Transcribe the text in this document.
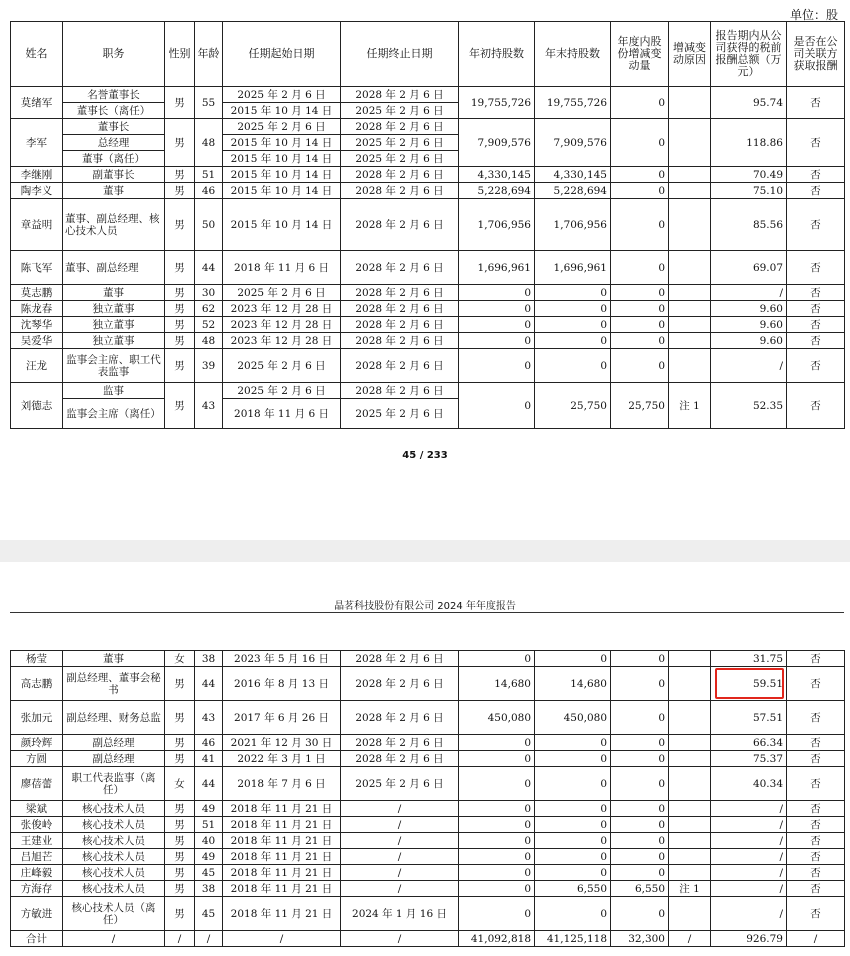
单位：股
姓名	职务	性别	年龄	任期起始日期	任期终止日期	年初持股数	年末持股数	年度内股份增减变动量	增减变动原因	报告期内从公司获得的税前报酬总额（万元）	是否在公司关联方获取报酬
莫绪军	名誉董事长	男	55	2025 年 2 月 6 日	2028 年 2 月 6 日	19,755,726	19,755,726	0		95.74	否
	董事长（离任）			2015 年 10 月 14 日	2025 年 2 月 6 日						
李军	董事长	男	48	2025 年 2 月 6 日	2028 年 2 月 6 日	7,909,576	7,909,576	0		118.86	否
	总经理			2015 年 10 月 14 日	2025 年 2 月 6 日						
	董事（离任）			2015 年 10 月 14 日	2025 年 2 月 6 日						
李继刚	副董事长	男	51	2015 年 10 月 14 日	2028 年 2 月 6 日	4,330,145	4,330,145	0		70.49	否
陶李义	董事	男	46	2015 年 10 月 14 日	2028 年 2 月 6 日	5,228,694	5,228,694	0		75.10	否
章益明	董事、副总经理、核心技术人员	男	50	2015 年 10 月 14 日	2028 年 2 月 6 日	1,706,956	1,706,956	0		85.56	否
陈飞军	董事、副总经理	男	44	2018 年 11 月 6 日	2028 年 2 月 6 日	1,696,961	1,696,961	0		69.07	否
莫志鹏	董事	男	30	2025 年 2 月 6 日	2028 年 2 月 6 日	0	0	0		/	否
陈龙春	独立董事	男	62	2023 年 12 月 28 日	2028 年 2 月 6 日	0	0	0		9.60	否
沈琴华	独立董事	男	52	2023 年 12 月 28 日	2028 年 2 月 6 日	0	0	0		9.60	否
吴爱华	独立董事	男	48	2023 年 12 月 28 日	2028 年 2 月 6 日	0	0	0		9.60	否
汪龙	监事会主席、职工代表监事	男	39	2025 年 2 月 6 日	2028 年 2 月 6 日	0	0	0		/	否
刘德志	监事	男	43	2025 年 2 月 6 日	2028 年 2 月 6 日	0	25,750	25,750	注 1	52.35	否
	监事会主席（离任）			2018 年 11 月 6 日	2025 年 2 月 6 日						
45 / 233
晶茗科技股份有限公司 2024 年年度报告
杨莹	董事	女	38	2023 年 5 月 16 日	2028 年 2 月 6 日	0	0	0		31.75	否
高志鹏	副总经理、董事会秘书	男	44	2016 年 8 月 13 日	2028 年 2 月 6 日	14,680	14,680	0		59.51	否
张加元	副总经理、财务总监	男	43	2017 年 6 月 26 日	2028 年 2 月 6 日	450,080	450,080	0		57.51	否
颜玲辉	副总经理	男	46	2021 年 12 月 30 日	2028 年 2 月 6 日	0	0	0		66.34	否
方圆	副总经理	男	41	2022 年 3 月 1 日	2028 年 2 月 6 日	0	0	0		75.37	否
廖蓓蕾	职工代表监事（离任）	女	44	2018 年 7 月 6 日	2025 年 2 月 6 日	0	0	0		40.34	否
梁斌	核心技术人员	男	49	2018 年 11 月 21 日	/	0	0	0		/	否
张俊岭	核心技术人员	男	51	2018 年 11 月 21 日	/	0	0	0		/	否
王建业	核心技术人员	男	40	2018 年 11 月 21 日	/	0	0	0		/	否
吕旭芒	核心技术人员	男	49	2018 年 11 月 21 日	/	0	0	0		/	否
庄峰毅	核心技术人员	男	45	2018 年 11 月 21 日	/	0	0	0		/	否
方海存	核心技术人员	男	38	2018 年 11 月 21 日	/	0	6,550	6,550	注 1	/	否
方敏进	核心技术人员（离任）	男	45	2018 年 11 月 21 日	2024 年 1 月 16 日	0	0	0		/	否
合计	/	/	/	/	/	41,092,818	41,125,118	32,300	/	926.79	/
